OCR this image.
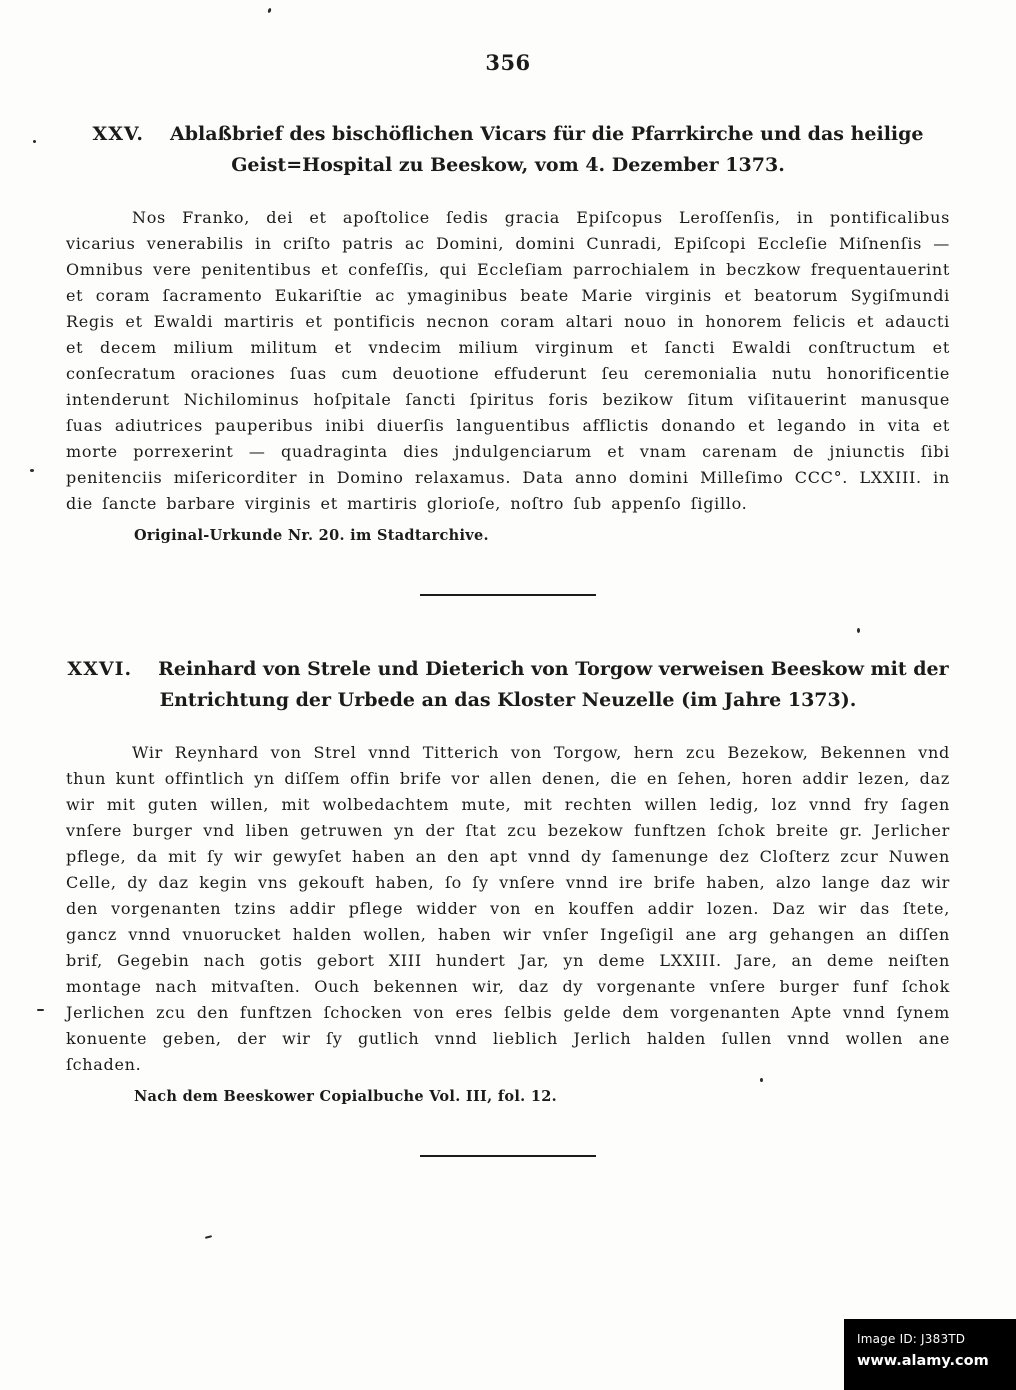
356
XXV. Ablaßbrief des bischöflichen Vicars für die Pfarrkirche und das heilige Geist=Hospital zu Beeskow, vom 4. Dezember 1373.

Nos Franko, dei et apoſtolice ſedis gracia Epiſcopus Leroſſenſis, in pontificalibus vicarius venerabilis in criſto patris ac Domini, domini Cunradi, Epiſcopi Eccleſie Miſnenſis — Omnibus vere penitentibus et confeſſis, qui Eccleſiam parrochialem in beczkow frequentauerint et coram ſacramento Eukariſtie ac ymaginibus beate Marie virginis et beatorum Sygiſmundi Regis et Ewaldi martiris et pontificis necnon coram altari nouo in honorem felicis et adaucti et decem milium militum et vndecim milium virginum et ſancti Ewaldi conſtructum et conſecratum oraciones ſuas cum deuotione effuderunt ſeu ceremonialia nutu honorificentie intenderunt Nichilominus hoſpitale ſancti ſpiritus foris bezikow ſitum viſitauerint manusque ſuas adiutrices pauperibus inibi diuerſis languentibus afflictis donando et legando in vita et morte porrexerint — quadraginta dies jndulgenciarum et vnam carenam de jniunctis ſibi penitenciis miſericorditer in Domino relaxamus. Data anno domini Milleſimo CCC°. LXXIII. in die ſancte barbare virginis et martiris glorioſe, noſtro ſub appenſo ſigillo.

Original-Urkunde Nr. 20. im Stadtarchive.

XXVI. Reinhard von Strele und Dieterich von Torgow verweisen Beeskow mit der Entrichtung der Urbede an das Kloster Neuzelle (im Jahre 1373).

Wir Reynhard von Strel vnnd Titterich von Torgow, hern zcu Bezekow, Bekennen vnd thun kunt offintlich yn diſſem offin brife vor allen denen, die en ſehen, horen addir lezen, daz wir mit guten willen, mit wolbedachtem mute, mit rechten willen ledig, loz vnnd fry ſagen vnſere burger vnd liben getruwen yn der ſtat zcu bezekow funftzen ſchok breite gr. Jerlicher pflege, da mit ſy wir gewyſet haben an den apt vnnd dy ſamenunge dez Cloſterz zcur Nuwen Celle, dy daz kegin vns gekouft haben, ſo ſy vnſere vnnd ire brife haben, alzo lange daz wir den vorgenanten tzins addir pflege widder von en kouffen addir lozen. Daz wir das ſtete, gancz vnnd vnuorucket halden wollen, haben wir vnſer Ingeſigil ane arg gehangen an diſſen brif, Gegebin nach gotis gebort XIII hundert Jar, yn deme LXXIII. Jare, an deme neiſten montage nach mitvaſten. Ouch bekennen wir, daz dy vorgenante vnſere burger funf ſchok Jerlichen zcu den funftzen ſchocken von eres ſelbis gelde dem vorgenanten Apte vnnd ſynem konuente geben, der wir ſy gutlich vnnd lieblich Jerlich halden ſullen vnnd wollen ane ſchaden.

Nach dem Beeskower Copialbuche Vol. III, fol. 12.

Image ID: J383TD
www.alamy.com
